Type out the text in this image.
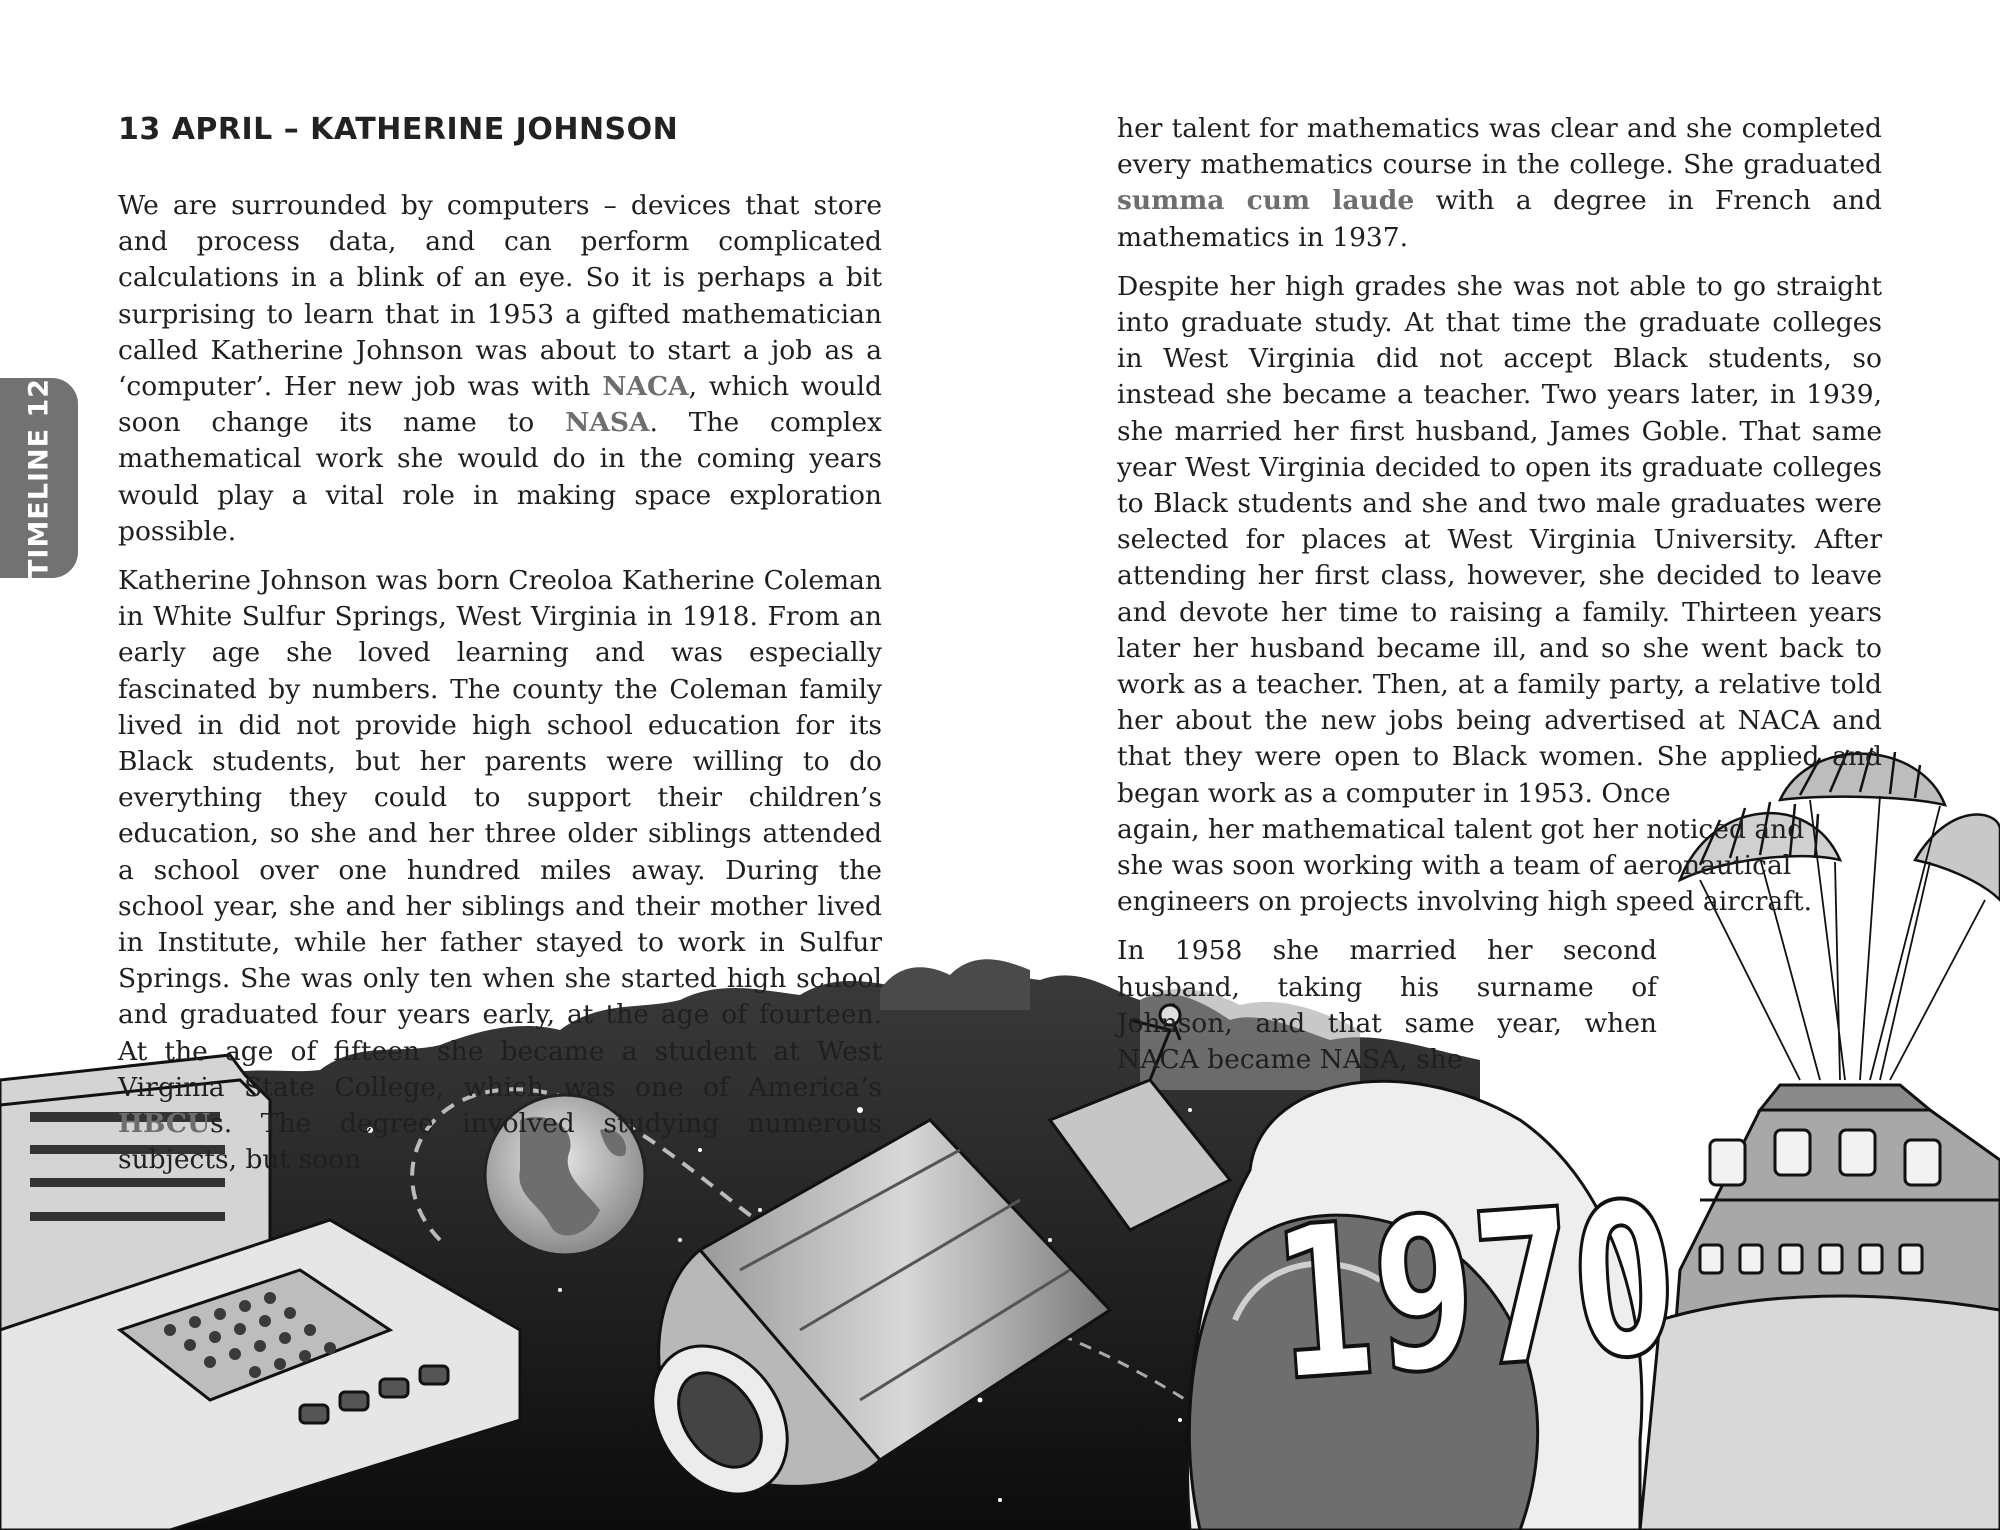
1970
TIMELINE 12
13 APRIL – KATHERINE JOHNSON

We are surrounded by computers – devices that store and process data, and can perform complicated calculations in a blink of an eye. So it is perhaps a bit surprising to learn that in 1953 a gifted mathematician called Katherine Johnson was about to start a job as a ‘computer’. Her new job was with NACA, which would soon change its name to NASA. The complex mathematical work she would do in the coming years would play a vital role in making space exploration possible.

Katherine Johnson was born Creoloa Katherine Coleman in White Sulfur Springs, West Virginia in 1918. From an early age she loved learning and was especially fascinated by numbers. The county the Coleman family lived in did not provide high school education for its Black students, but her parents were willing to do everything they could to support their children’s education, so she and her three older siblings attended a school over one hundred miles away. During the school year, she and her siblings and their mother lived in Institute, while her father stayed to work in Sulfur Springs. She was only ten when she started high school and graduated four years early, at the age of fourteen. At the age of fifteen she became a student at West Virginia State College, which was one of America’s HBCUs. The degree involved studying numerous subjects, but soon

her talent for mathematics was clear and she completed every mathematics course in the college. She graduated summa cum laude with a degree in French and mathematics in 1937.

Despite her high grades she was not able to go straight into graduate study. At that time the graduate colleges in West Virginia did not accept Black students, so instead she became a teacher. Two years later, in 1939, she married her first husband, James Goble. That same year West Virginia decided to open its graduate colleges to Black students and she and two male graduates were selected for places at West Virginia University. After attending her first class, however, she decided to leave and devote her time to raising a family. Thirteen years later her husband became ill, and so she went back to work as a teacher. Then, at a family party, a relative told her about the new jobs being advertised at NACA and that they were open to Black women. She applied and began work as a computer in 1953. Once

again, her mathematical talent got her noticed and she was soon working with a team of aeronautical engineers on projects involving high speed aircraft.

In 1958 she married her second husband, taking his surname of Johnson, and that same year, when NACA became NASA, she
